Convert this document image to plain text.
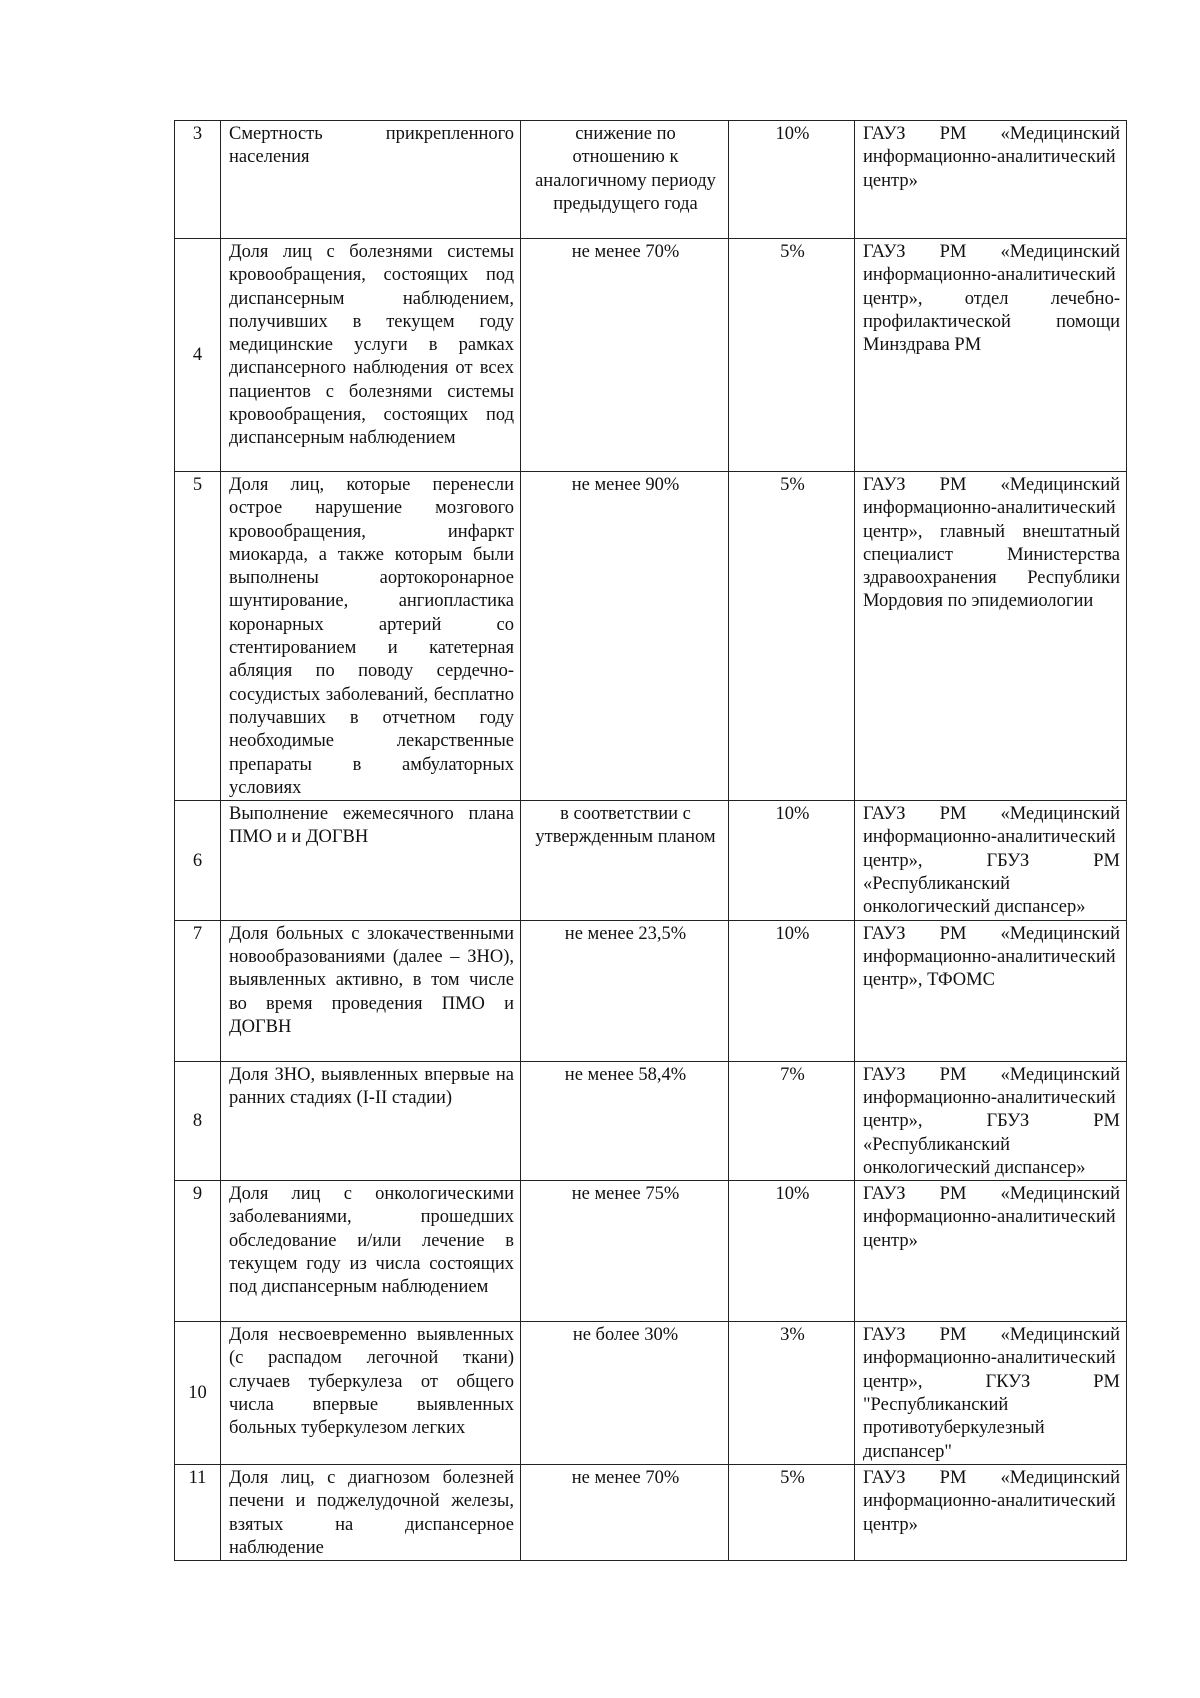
3	Смертность прикрепленного населения	снижение по отношению к аналогичному периоду предыдущего года	10%	ГАУЗ РМ «Медицинский информационно-аналитический центр»
4	Доля лиц с болезнями системы кровообращения, состоящих под диспансерным наблюдением, получивших в текущем году медицинские услуги в рамках диспансерного наблюдения от всех пациентов с болезнями системы кровообращения, состоящих под диспансерным наблюдением	не менее 70%	5%	ГАУЗ РМ «Медицинский информационно-аналитический центр», отдел лечебно-профилактической помощи Минздрава РМ
5	Доля лиц, которые перенесли острое нарушение мозгового кровообращения, инфаркт миокарда, а также которым были выполнены аортокоронарное шунтирование, ангиопластика коронарных артерий со стентированием и катетерная абляция по поводу сердечно-сосудистых заболеваний, бесплатно получавших в отчетном году необходимые лекарственные препараты в амбулаторных условиях	не менее 90%	5%	ГАУЗ РМ «Медицинский информационно-аналитический центр», главный внештатный специалист Министерства здравоохранения Республики Мордовия по эпидемиологии
6	Выполнение ежемесячного плана ПМО и и ДОГВН	в соответствии с утвержденным планом	10%	ГАУЗ РМ «Медицинский информационно-аналитический центр», ГБУЗ РМ «Республиканский онкологический диспансер»
7	Доля больных с злокачественными новообразованиями (далее – ЗНО), выявленных активно, в том числе во время проведения ПМО и ДОГВН	не менее 23,5%	10%	ГАУЗ РМ «Медицинский информационно-аналитический центр», ТФОМС
8	Доля ЗНО, выявленных впервые на ранних стадиях (I-II стадии)	не менее 58,4%	7%	ГАУЗ РМ «Медицинский информационно-аналитический центр», ГБУЗ РМ «Республиканский онкологический диспансер»
9	Доля лиц с онкологическими заболеваниями, прошедших обследование и/или лечение в текущем году из числа состоящих под диспансерным наблюдением	не менее 75%	10%	ГАУЗ РМ «Медицинский информационно-аналитический центр»
10	Доля несвоевременно выявленных (с распадом легочной ткани) случаев туберкулеза от общего числа впервые выявленных больных туберкулезом легких	не более 30%	3%	ГАУЗ РМ «Медицинский информационно-аналитический центр», ГКУЗ РМ "Республиканский противотуберкулезный диспансер"
11	Доля лиц, с диагнозом болезней печени и поджелудочной железы, взятых на диспансерное наблюдение	не менее 70%	5%	ГАУЗ РМ «Медицинский информационно-аналитический центр»
